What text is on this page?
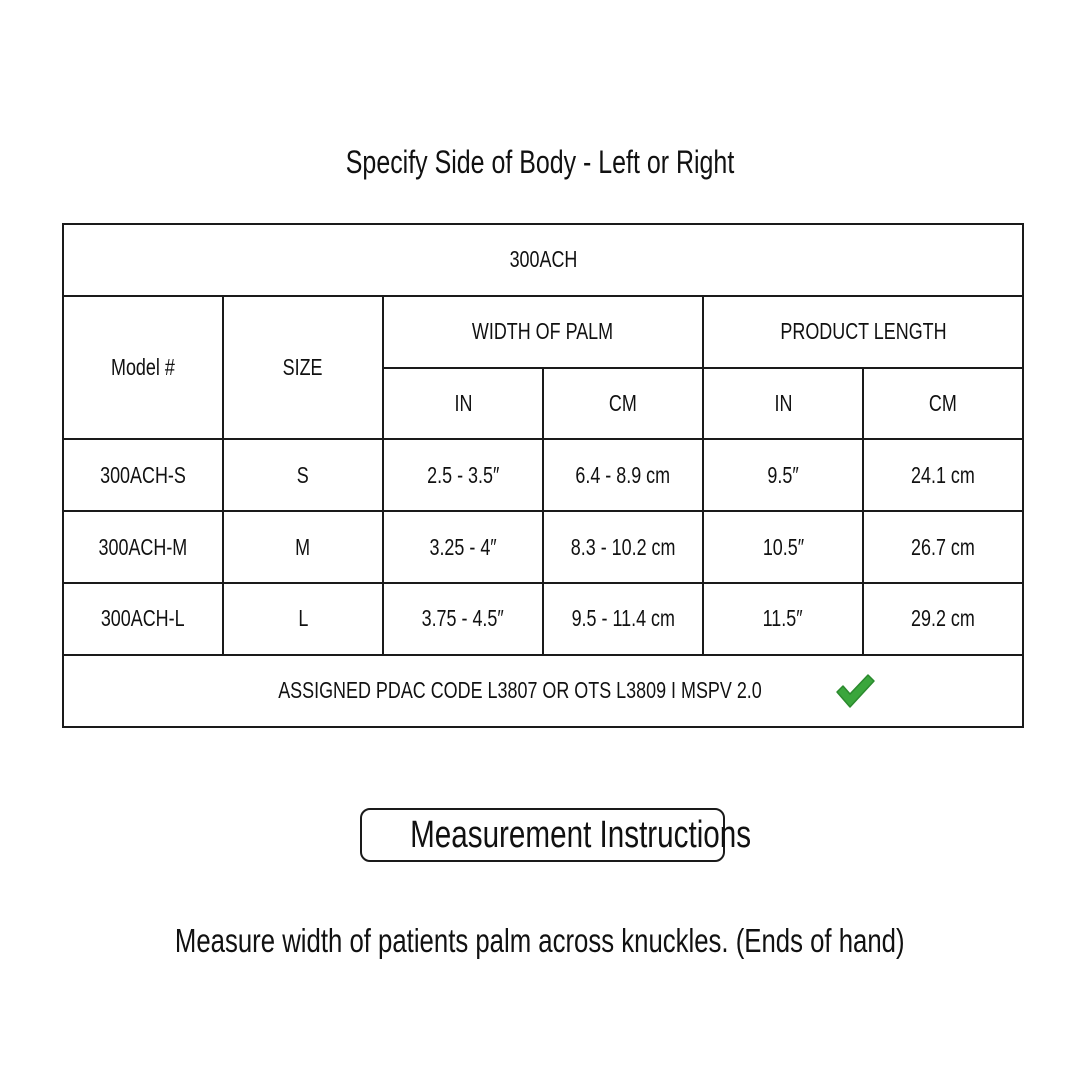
Specify Side of Body - Left or Right
300ACH					
Model #	SIZE	WIDTH OF PALM		PRODUCT LENGTH	
		IN	CM	IN	CM
300ACH-S	S	2.5 - 3.5″	6.4 - 8.9 cm	9.5″	24.1 cm
300ACH-M	M	3.25 - 4″	8.3 - 10.2 cm	10.5″	26.7 cm
300ACH-L	L	3.75 - 4.5″	9.5 - 11.4 cm	11.5″	29.2 cm

ASSIGNED PDAC CODE L3807 OR OTS L3809 I MSPV 2.0					
Measurement Instructions
Measure width of patients palm across knuckles. (Ends of hand)
